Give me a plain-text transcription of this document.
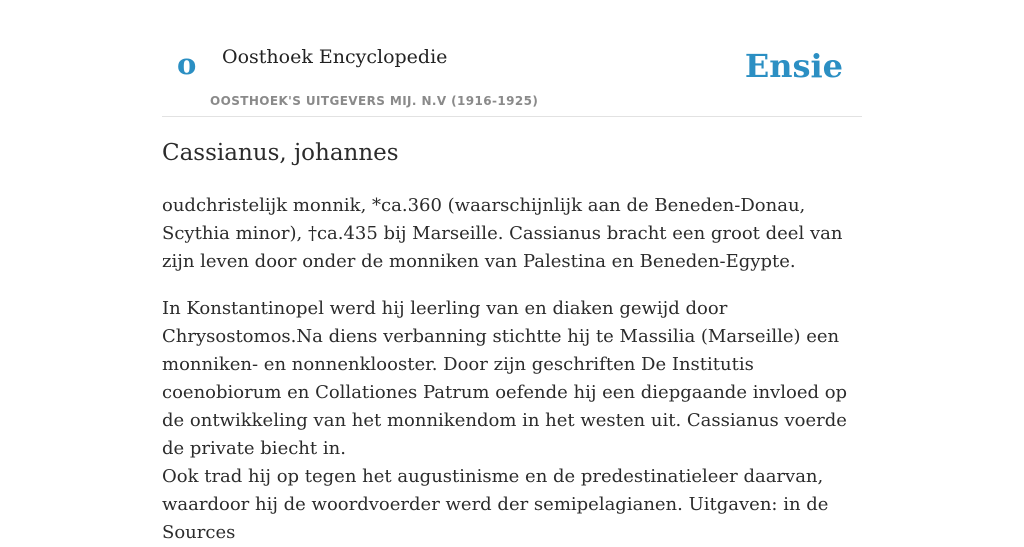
o Oosthoek Encyclopedie
OOSTHOEK'S UITGEVERS MIJ. N.V (1916-1925)
Ensie
Cassianus, johannes

oudchristelijk monnik, *ca.360 (waarschijnlijk aan de Beneden-Donau, Scythia minor), †ca.435 bij Marseille. Cassianus bracht een groot deel van zijn leven door onder de monniken van Palestina en Beneden-Egypte.

In Konstantinopel werd hij leerling van en diaken gewijd door Chrysostomos.Na diens verbanning stichtte hij te Massilia (Marseille) een monniken- en nonnenklooster. Door zijn geschriften De Institutis coenobiorum en Collationes Patrum oefende hij een diepgaande invloed op de ontwikkeling van het monnikendom in het westen uit. Cassianus voerde de private biecht in.

Ook trad hij op tegen het augustinisme en de predestinatieleer daarvan, waardoor hij de woordvoerder werd der semipelagianen. Uitgaven: in de Sources
